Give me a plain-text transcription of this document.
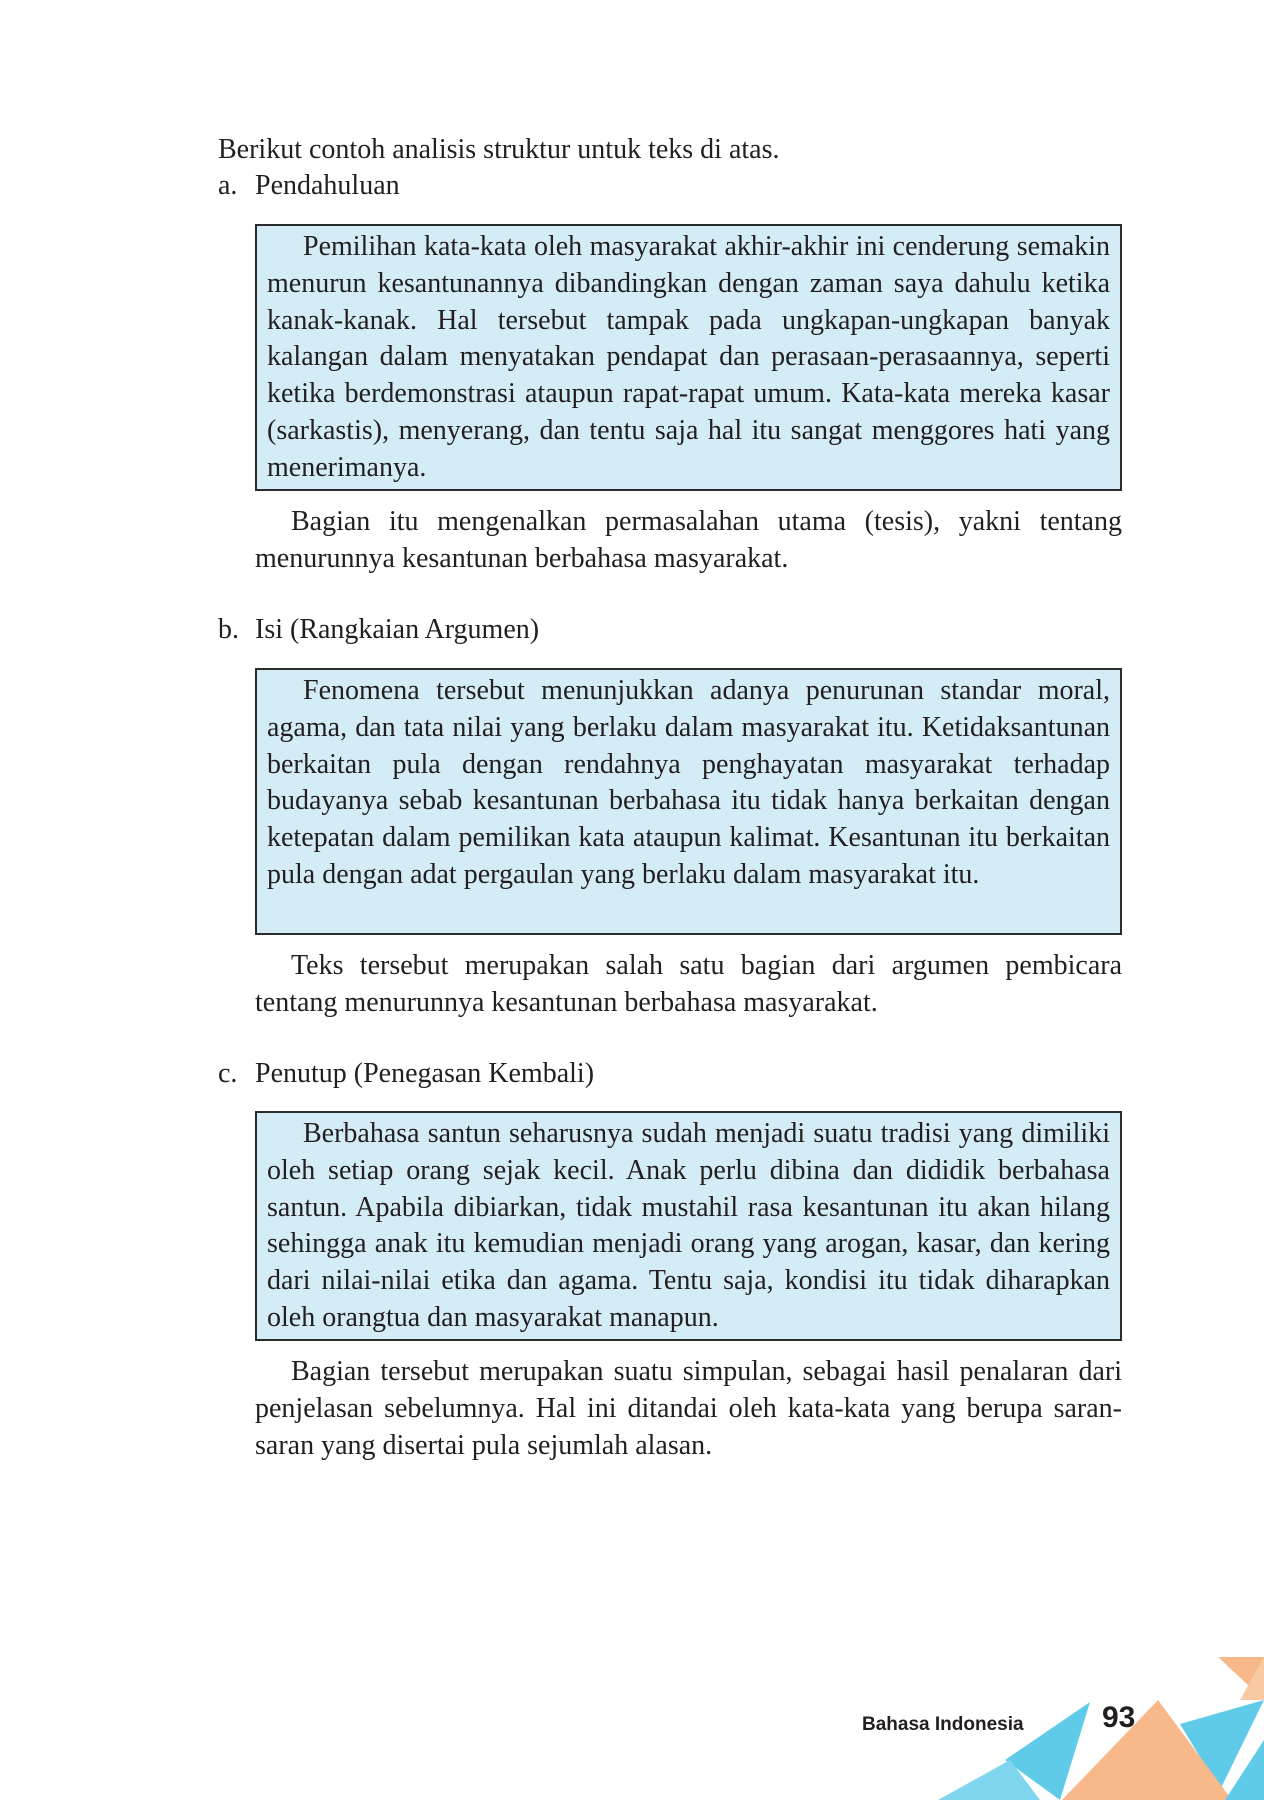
Berikut contoh analisis struktur untuk teks di atas.
a. Pendahuluan
Pemilihan kata-kata oleh masyarakat akhir-akhir ini cenderung semakin menurun kesantunannya dibandingkan dengan zaman saya dahulu ketika kanak-kanak. Hal tersebut tampak pada ungkapan-ungkapan banyak kalangan dalam menyatakan pendapat dan perasaan-perasaannya, seperti ketika berdemonstrasi ataupun rapat-rapat umum. Kata-kata mereka kasar (sarkastis), menyerang, dan tentu saja hal itu sangat menggores hati yang menerimanya.
Bagian itu mengenalkan permasalahan utama (tesis), yakni tentang menurunnya kesantunan berbahasa masyarakat.
b. Isi (Rangkaian Argumen)
Fenomena tersebut menunjukkan adanya penurunan standar moral, agama, dan tata nilai yang berlaku dalam masyarakat itu. Ketidaksantunan berkaitan pula dengan rendahnya penghayatan masyarakat terhadap budayanya sebab kesantunan berbahasa itu tidak hanya berkaitan dengan ketepatan dalam pemilikan kata ataupun kalimat. Kesantunan itu berkaitan pula dengan adat pergaulan yang berlaku dalam masyarakat itu.
Teks tersebut merupakan salah satu bagian dari argumen pembicara tentang menurunnya kesantunan berbahasa masyarakat.
c. Penutup (Penegasan Kembali)
Berbahasa santun seharusnya sudah menjadi suatu tradisi yang dimiliki oleh setiap orang sejak kecil. Anak perlu dibina dan dididik berbahasa santun. Apabila dibiarkan, tidak mustahil rasa kesantunan itu akan hilang sehingga anak itu kemudian menjadi orang yang arogan, kasar, dan kering dari nilai-nilai etika dan agama. Tentu saja, kondisi itu tidak diharapkan oleh orangtua dan masyarakat manapun.
Bagian tersebut merupakan suatu simpulan, sebagai hasil penalaran dari penjelasan sebelumnya. Hal ini ditandai oleh kata-kata yang berupa saran-saran yang disertai pula sejumlah alasan.
Bahasa Indonesia	93
